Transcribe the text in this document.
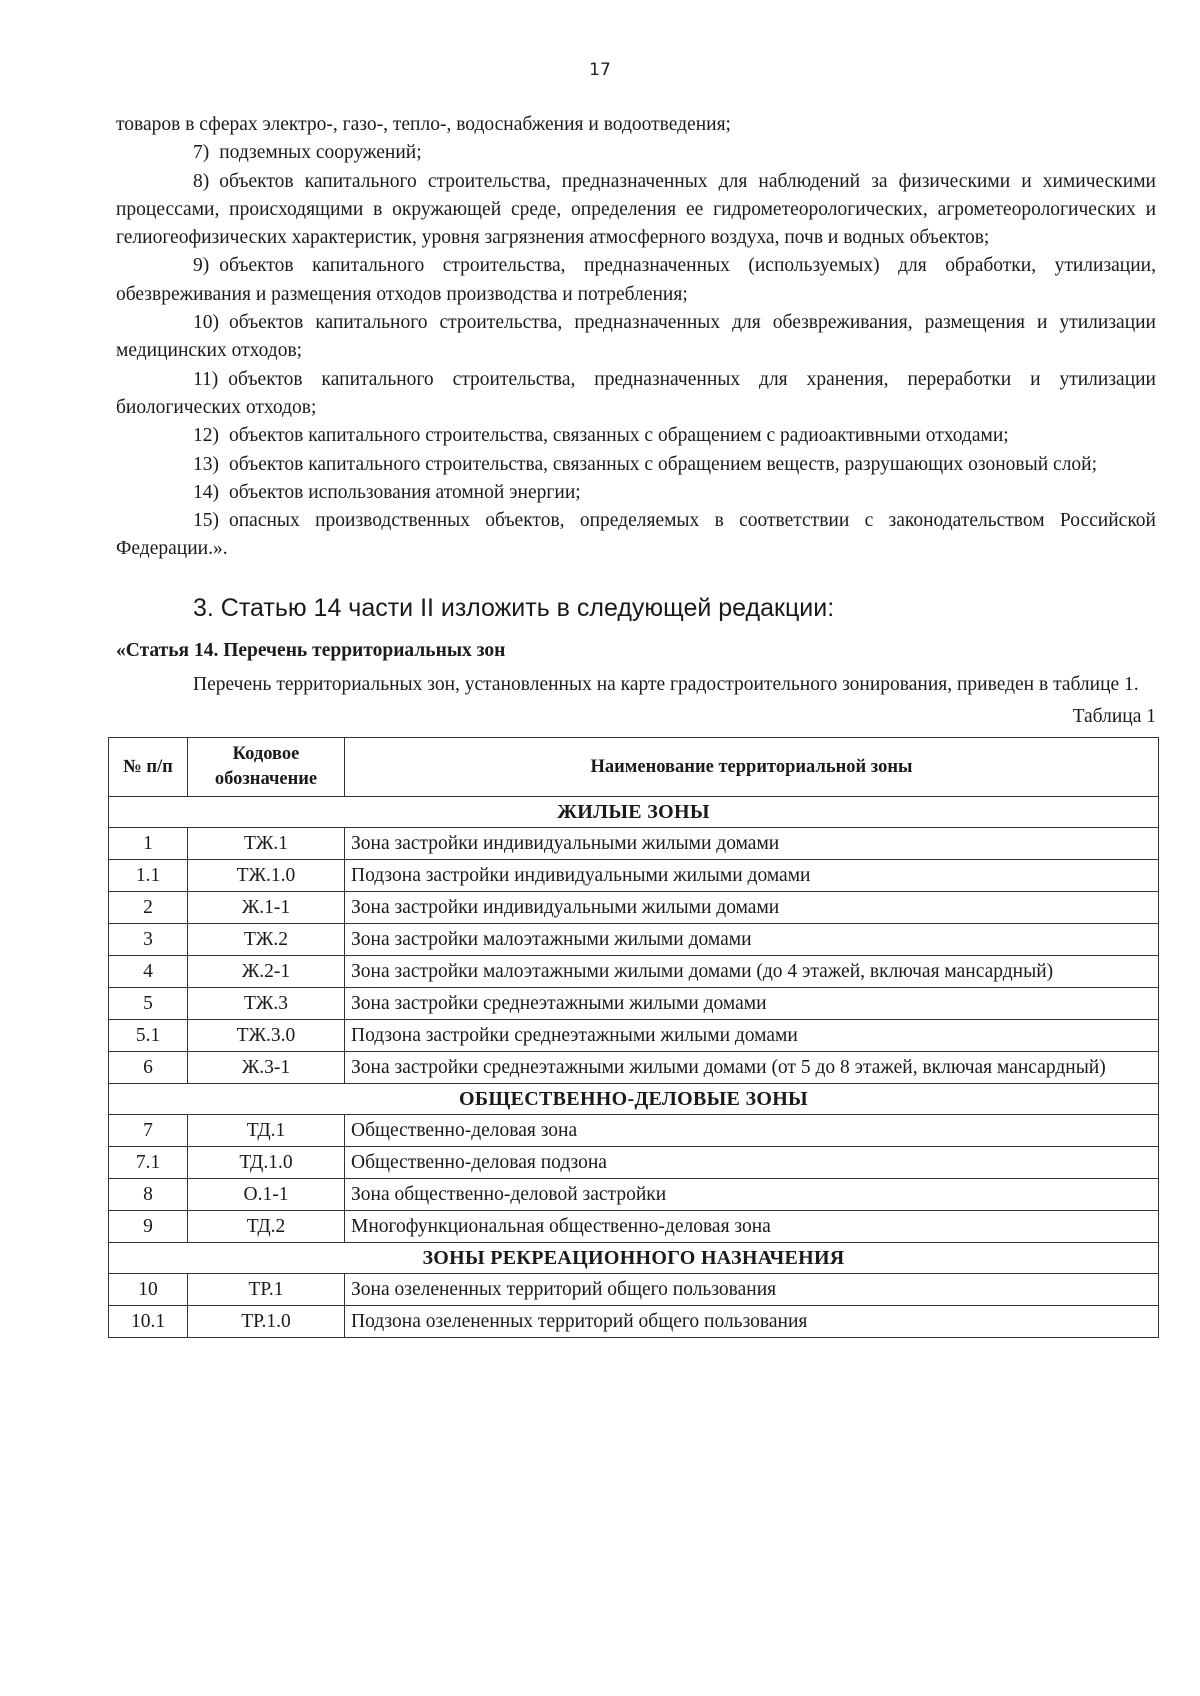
17

товаров в сферах электро-, газо-, тепло-, водоснабжения и водоотведения;

7) подземных сооружений;

8) объектов капитального строительства, предназначенных для наблюдений за физическими и химическими процессами, происходящими в окружающей среде, определения ее гидрометеорологических, агрометеорологических и гелиогеофизических характеристик, уровня загрязнения атмосферного воздуха, почв и водных объектов;

9) объектов капитального строительства, предназначенных (используемых) для обработки, утилизации, обезвреживания и размещения отходов производства и потребления;

10) объектов капитального строительства, предназначенных для обезвреживания, размещения и утилизации медицинских отходов;

11) объектов капитального строительства, предназначенных для хранения, переработки и утилизации биологических отходов;

12) объектов капитального строительства, связанных с обращением с радиоактивными отходами;

13) объектов капитального строительства, связанных с обращением веществ, разрушающих озоновый слой;

14) объектов использования атомной энергии;

15) опасных производственных объектов, определяемых в соответствии с законодательством Российской Федерации.».

3. Статью 14 части II изложить в следующей редакции:

«Статья 14. Перечень территориальных зон

Перечень территориальных зон, установленных на карте градостроительного зонирования, приведен в таблице 1.

Таблица 1

№ п/п	Кодовое обозначение	Наименование территориальной зоны
ЖИЛЫЕ ЗОНЫ		
1	ТЖ.1	Зона застройки индивидуальными жилыми домами
1.1	ТЖ.1.0	Подзона застройки индивидуальными жилыми домами
2	Ж.1-1	Зона застройки индивидуальными жилыми домами
3	ТЖ.2	Зона застройки малоэтажными жилыми домами
4	Ж.2-1	Зона застройки малоэтажными жилыми домами (до 4 этажей, включая мансардный)
5	ТЖ.3	Зона застройки среднеэтажными жилыми домами
5.1	ТЖ.3.0	Подзона застройки среднеэтажными жилыми домами
6	Ж.3-1	Зона застройки среднеэтажными жилыми домами (от 5 до 8 этажей, включая мансардный)
ОБЩЕСТВЕННО-ДЕЛОВЫЕ ЗОНЫ		
7	ТД.1	Общественно-деловая зона
7.1	ТД.1.0	Общественно-деловая подзона
8	О.1-1	Зона общественно-деловой застройки
9	ТД.2	Многофункциональная общественно-деловая зона
ЗОНЫ РЕКРЕАЦИОННОГО НАЗНАЧЕНИЯ		
10	ТР.1	Зона озелененных территорий общего пользования
10.1	ТР.1.0	Подзона озелененных территорий общего пользования
